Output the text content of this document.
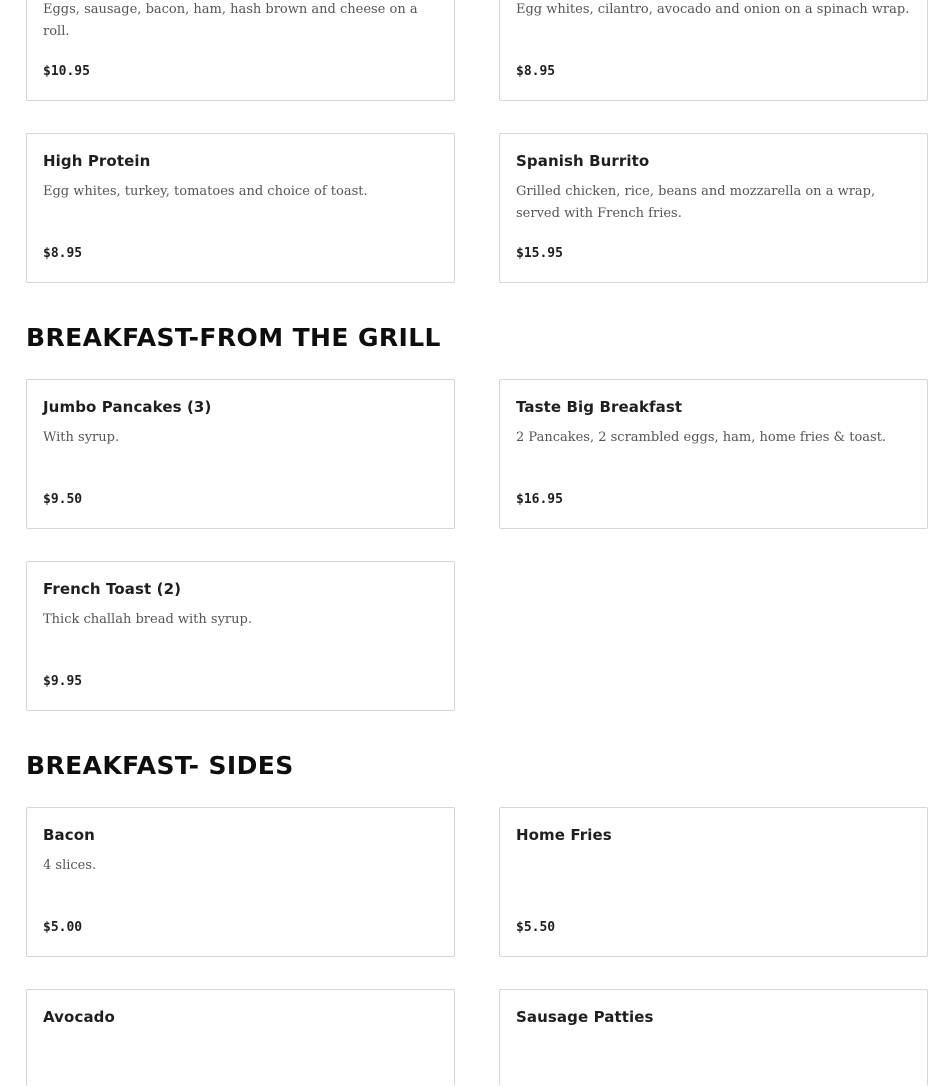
Eggs, sausage, bacon, ham, hash brown and cheese on a roll.
$10.95
Egg whites, cilantro, avocado and onion on a spinach wrap.
$8.95
High Protein
Egg whites, turkey, tomatoes and choice of toast.
$8.95
Spanish Burrito
Grilled chicken, rice, beans and mozzarella on a wrap, served with French fries.
$15.95
BREAKFAST-FROM THE GRILL
Jumbo Pancakes (3)
With syrup.
$9.50
Taste Big Breakfast
2 Pancakes, 2 scrambled eggs, ham, home fries & toast.
$16.95
French Toast (2)
Thick challah bread with syrup.
$9.95
BREAKFAST- SIDES
Bacon
4 slices.
$5.00
Home Fries
$5.50
Avocado	Sausage Patties
